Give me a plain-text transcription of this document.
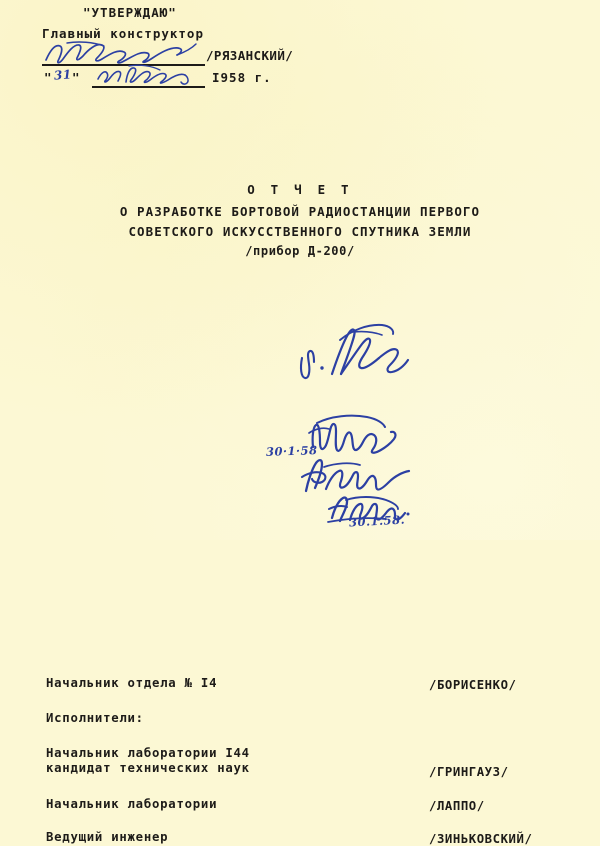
"УТВЕРЖДАЮ"
Главный конструктор
/РЯЗАНСКИЙ/
" "	I958 г.
31
О Т Ч Е Т
О РАЗРАБОТКЕ БОРТОВОЙ РАДИОСТАНЦИИ ПЕРВОГО
СОВЕТСКОГО ИСКУССТВЕННОГО СПУТНИКА ЗЕМЛИ
/прибор Д-200/
Начальник отдела № I4	/БОРИСЕНКО/
Исполнители:
Начальник лаборатории I44
кандидат технических наук	/ГРИНГАУЗ/
Начальник лаборатории	/ЛАППО/
Ведущий инженер	/ЗИНЬКОВСКИЙ/
30·1·58
30.1.58.
